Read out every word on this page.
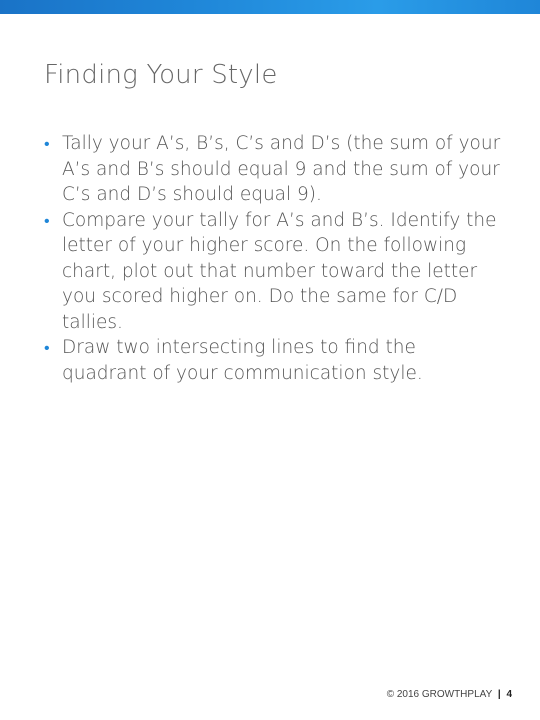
Finding Your Style
• Tally your A’s, B’s, C’s and D’s (the sum of your A’s and B’s should equal 9 and the sum of your C’s and D’s should equal 9).
• Compare your tally for A’s and B’s. Identify the letter of your higher score. On the following chart, plot out that number toward the letter you scored higher on. Do the same for C/D tallies.
• Draw two intersecting lines to find the quadrant of your communication style.
© 2016 GROWTHPLAY | 4
